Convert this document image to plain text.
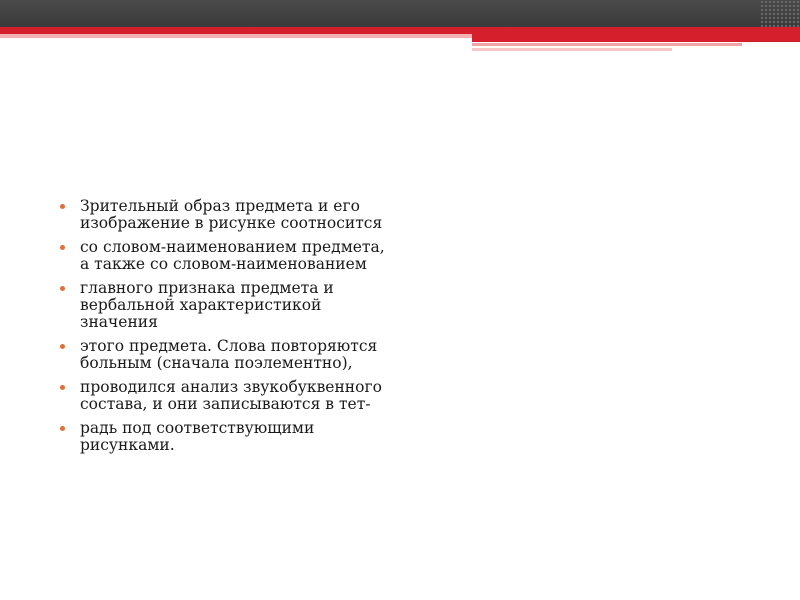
Зрительный образ предмета и его изображение в рисунке соотносится
со словом-наименованием предмета, а также со словом-наименованием
главного признака предмета и вербальной характеристикой значения
этого предмета. Слова повторяются больным (сначала поэлементно),
проводился анализ звукобуквенного состава, и они записываются в тет-
радь под соответствующими рисунками.
